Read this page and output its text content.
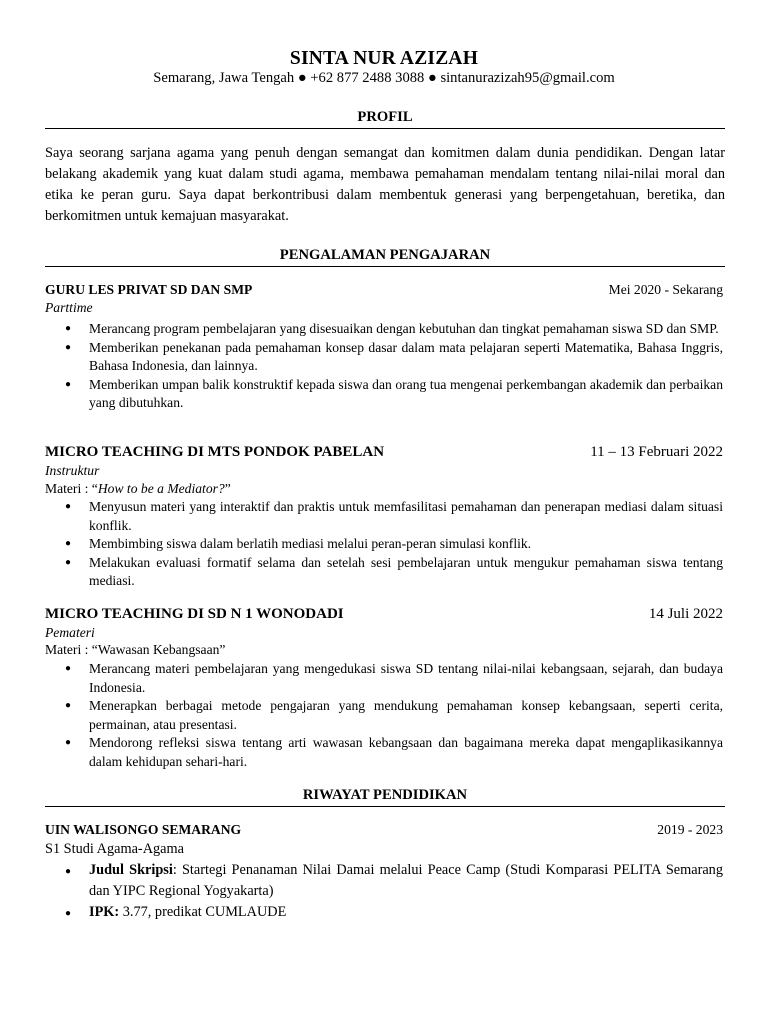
SINTA NUR AZIZAH
Semarang, Jawa Tengah ● +62 877 2488 3088 ● sintanurazizah95@gmail.com
PROFIL
Saya seorang sarjana agama yang penuh dengan semangat dan komitmen dalam dunia pendidikan. Dengan latar belakang akademik yang kuat dalam studi agama, membawa pemahaman mendalam tentang nilai-nilai moral dan etika ke peran guru. Saya dapat berkontribusi dalam membentuk generasi yang berpengetahuan, beretika, dan berkomitmen untuk kemajuan masyarakat.
PENGALAMAN PENGAJARAN
GURU LES PRIVAT SD DAN SMP	Mei 2020 - Sekarang
Parttime
● Merancang program pembelajaran yang disesuaikan dengan kebutuhan dan tingkat pemahaman siswa SD dan SMP.
● Memberikan penekanan pada pemahaman konsep dasar dalam mata pelajaran seperti Matematika, Bahasa Inggris, Bahasa Indonesia, dan lainnya.
● Memberikan umpan balik konstruktif kepada siswa dan orang tua mengenai perkembangan akademik dan perbaikan yang dibutuhkan.
MICRO TEACHING DI MTS PONDOK PABELAN	11 – 13 Februari 2022
Instruktur
Materi : “How to be a Mediator?”
● Menyusun materi yang interaktif dan praktis untuk memfasilitasi pemahaman dan penerapan mediasi dalam situasi konflik.
● Membimbing siswa dalam berlatih mediasi melalui peran-peran simulasi konflik.
● Melakukan evaluasi formatif selama dan setelah sesi pembelajaran untuk mengukur pemahaman siswa tentang mediasi.
MICRO TEACHING DI SD N 1 WONODADI	14 Juli 2022
Pemateri
Materi : “Wawasan Kebangsaan”
● Merancang materi pembelajaran yang mengedukasi siswa SD tentang nilai-nilai kebangsaan, sejarah, dan budaya Indonesia.
● Menerapkan berbagai metode pengajaran yang mendukung pemahaman konsep kebangsaan, seperti cerita, permainan, atau presentasi.
● Mendorong refleksi siswa tentang arti wawasan kebangsaan dan bagaimana mereka dapat mengaplikasikannya dalam kehidupan sehari-hari.
RIWAYAT PENDIDIKAN
UIN WALISONGO SEMARANG	2019 - 2023
S1 Studi Agama-Agama
● Judul Skripsi: Startegi Penanaman Nilai Damai melalui Peace Camp (Studi Komparasi PELITA Semarang dan YIPC Regional Yogyakarta)
● IPK: 3.77, predikat CUMLAUDE
